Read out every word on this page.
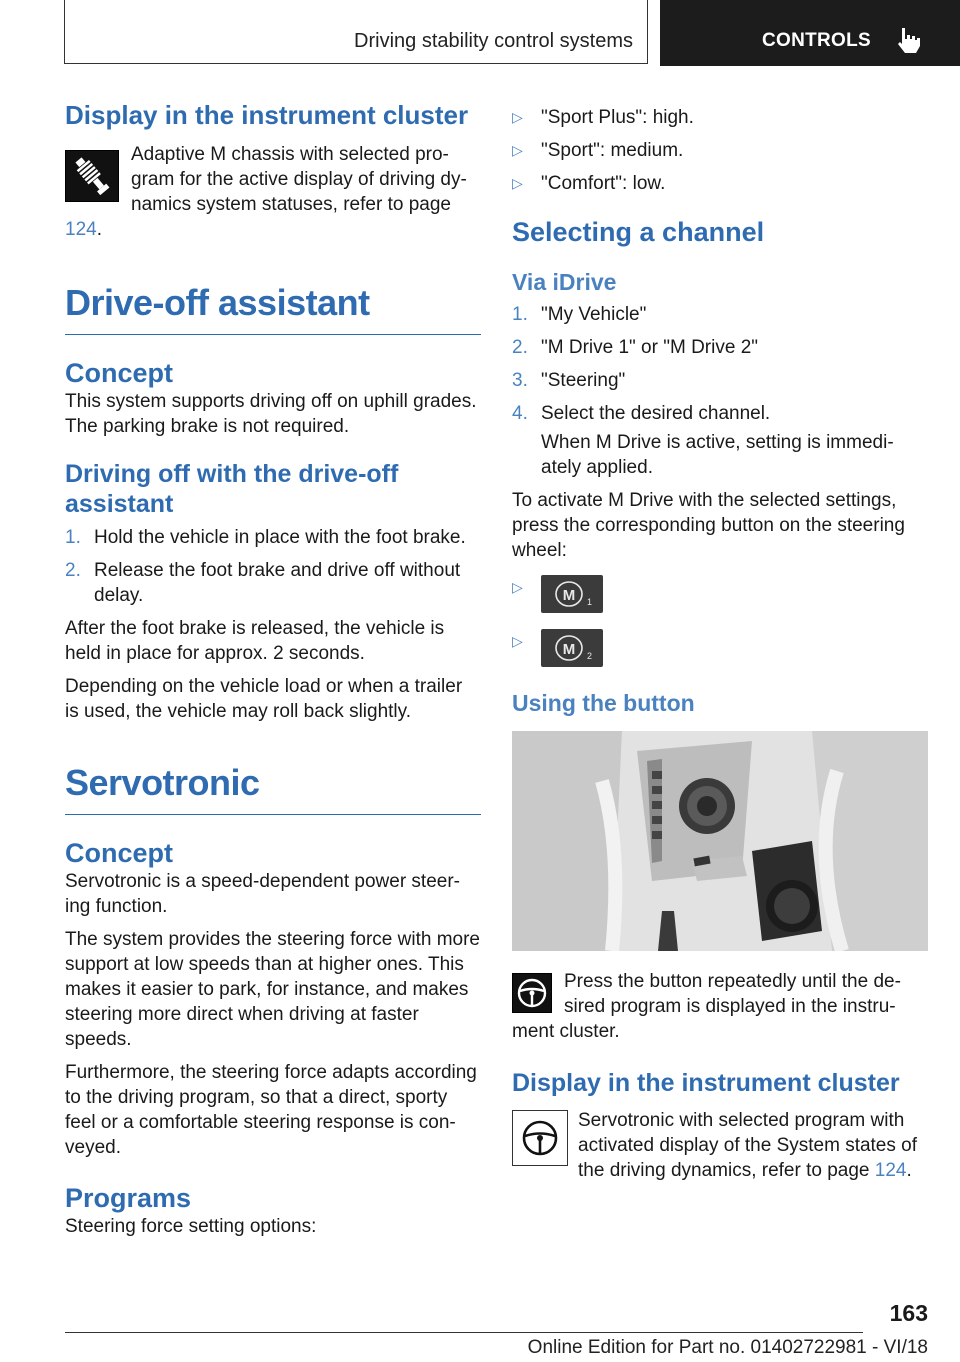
Driving stability control systems	CONTROLS
Display in the instrument cluster

Adaptive M chassis with selected pro‐gram for the active display of driving dy‐namics system statuses, refer to page 124.

Drive-off assistant
Concept

This system supports driving off on uphill grades. The parking brake is not required.

Driving off with the drive-off assistant
1. Hold the vehicle in place with the foot brake.
2. Release the foot brake and drive off without delay.

After the foot brake is released, the vehicle is held in place for approx. 2 seconds.

Depending on the vehicle load or when a trailer is used, the vehicle may roll back slightly.

Servotronic
Concept

Servotronic is a speed-dependent power steer‐ing function.

The system provides the steering force with more support at low speeds than at higher ones. This makes it easier to park, for instance, and makes steering more direct when driving at faster speeds.

Furthermore, the steering force adapts according to the driving program, so that a direct, sporty feel or a comfortable steering response is con‐veyed.

Programs

Steering force setting options:

▷ "Sport Plus": high.
▷ "Sport": medium.
▷ "Comfort": low.
Selecting a channel
Via iDrive
1. "My Vehicle"
2. "M Drive 1" or "M Drive 2"
3. "Steering"
4. Select the desired channel.

When M Drive is active, setting is immedi‐ately applied.

To activate M Drive with the selected settings, press the corresponding button on the steering wheel:

▷	M 1
▷	M 2
Using the button

Press the button repeatedly until the de‐sired program is displayed in the instru‐ment cluster.

Display in the instrument cluster

Servotronic with selected program with activated display of the System states of the driving dynamics, refer to page 124.

163
Online Edition for Part no. 01402722981 - VI/18
